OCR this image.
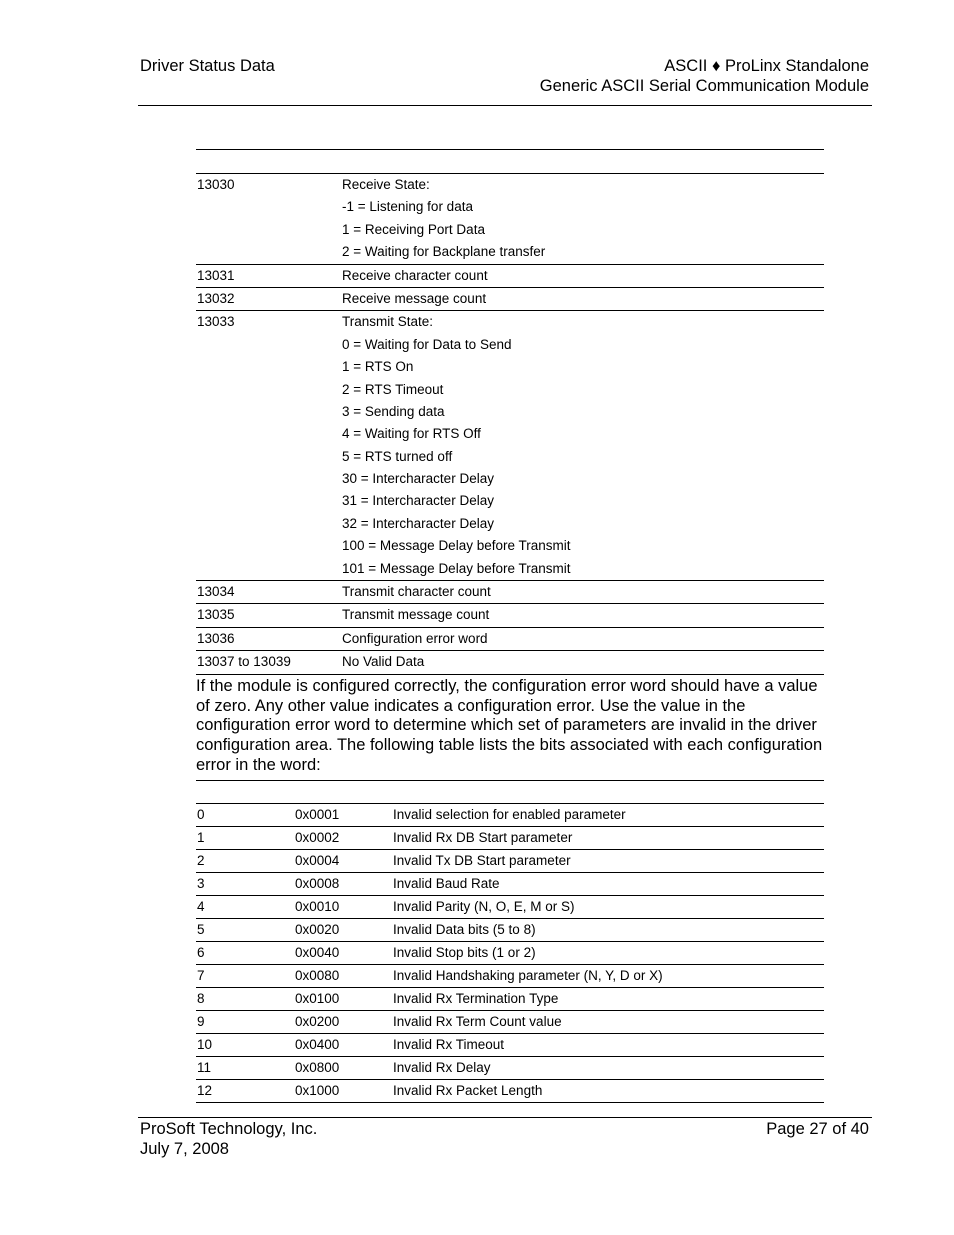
Driver Status Data	ASCII ♦ ProLinx Standalone
Generic ASCII Serial Communication Module
13030	Receive State:
-1 = Listening for data
1 = Receiving Port Data
2 = Waiting for Backplane transfer
13031	Receive character count
13032	Receive message count
13033	Transmit State:
0 = Waiting for Data to Send
1 = RTS On
2 = RTS Timeout
3 = Sending data
4 = Waiting for RTS Off
5 = RTS turned off
30 = Intercharacter Delay
31 = Intercharacter Delay
32 = Intercharacter Delay
100 = Message Delay before Transmit
101 = Message Delay before Transmit
13034	Transmit character count
13035	Transmit message count
13036	Configuration error word
13037 to 13039	No Valid Data
If the module is configured correctly, the configuration error word should have a value of zero. Any other value indicates a configuration error. Use the value in the configuration error word to determine which set of parameters are invalid in the driver configuration area. The following table lists the bits associated with each configuration error in the word:
0	0x0001	Invalid selection for enabled parameter
1	0x0002	Invalid Rx DB Start parameter
2	0x0004	Invalid Tx DB Start parameter
3	0x0008	Invalid Baud Rate
4	0x0010	Invalid Parity (N, O, E, M or S)
5	0x0020	Invalid Data bits (5 to 8)
6	0x0040	Invalid Stop bits (1 or 2)
7	0x0080	Invalid Handshaking parameter (N, Y, D or X)
8	0x0100	Invalid Rx Termination Type
9	0x0200	Invalid Rx Term Count value
10	0x0400	Invalid Rx Timeout
11	0x0800	Invalid Rx Delay
12	0x1000	Invalid Rx Packet Length
ProSoft Technology, Inc.
July 7, 2008
Page 27 of 40
